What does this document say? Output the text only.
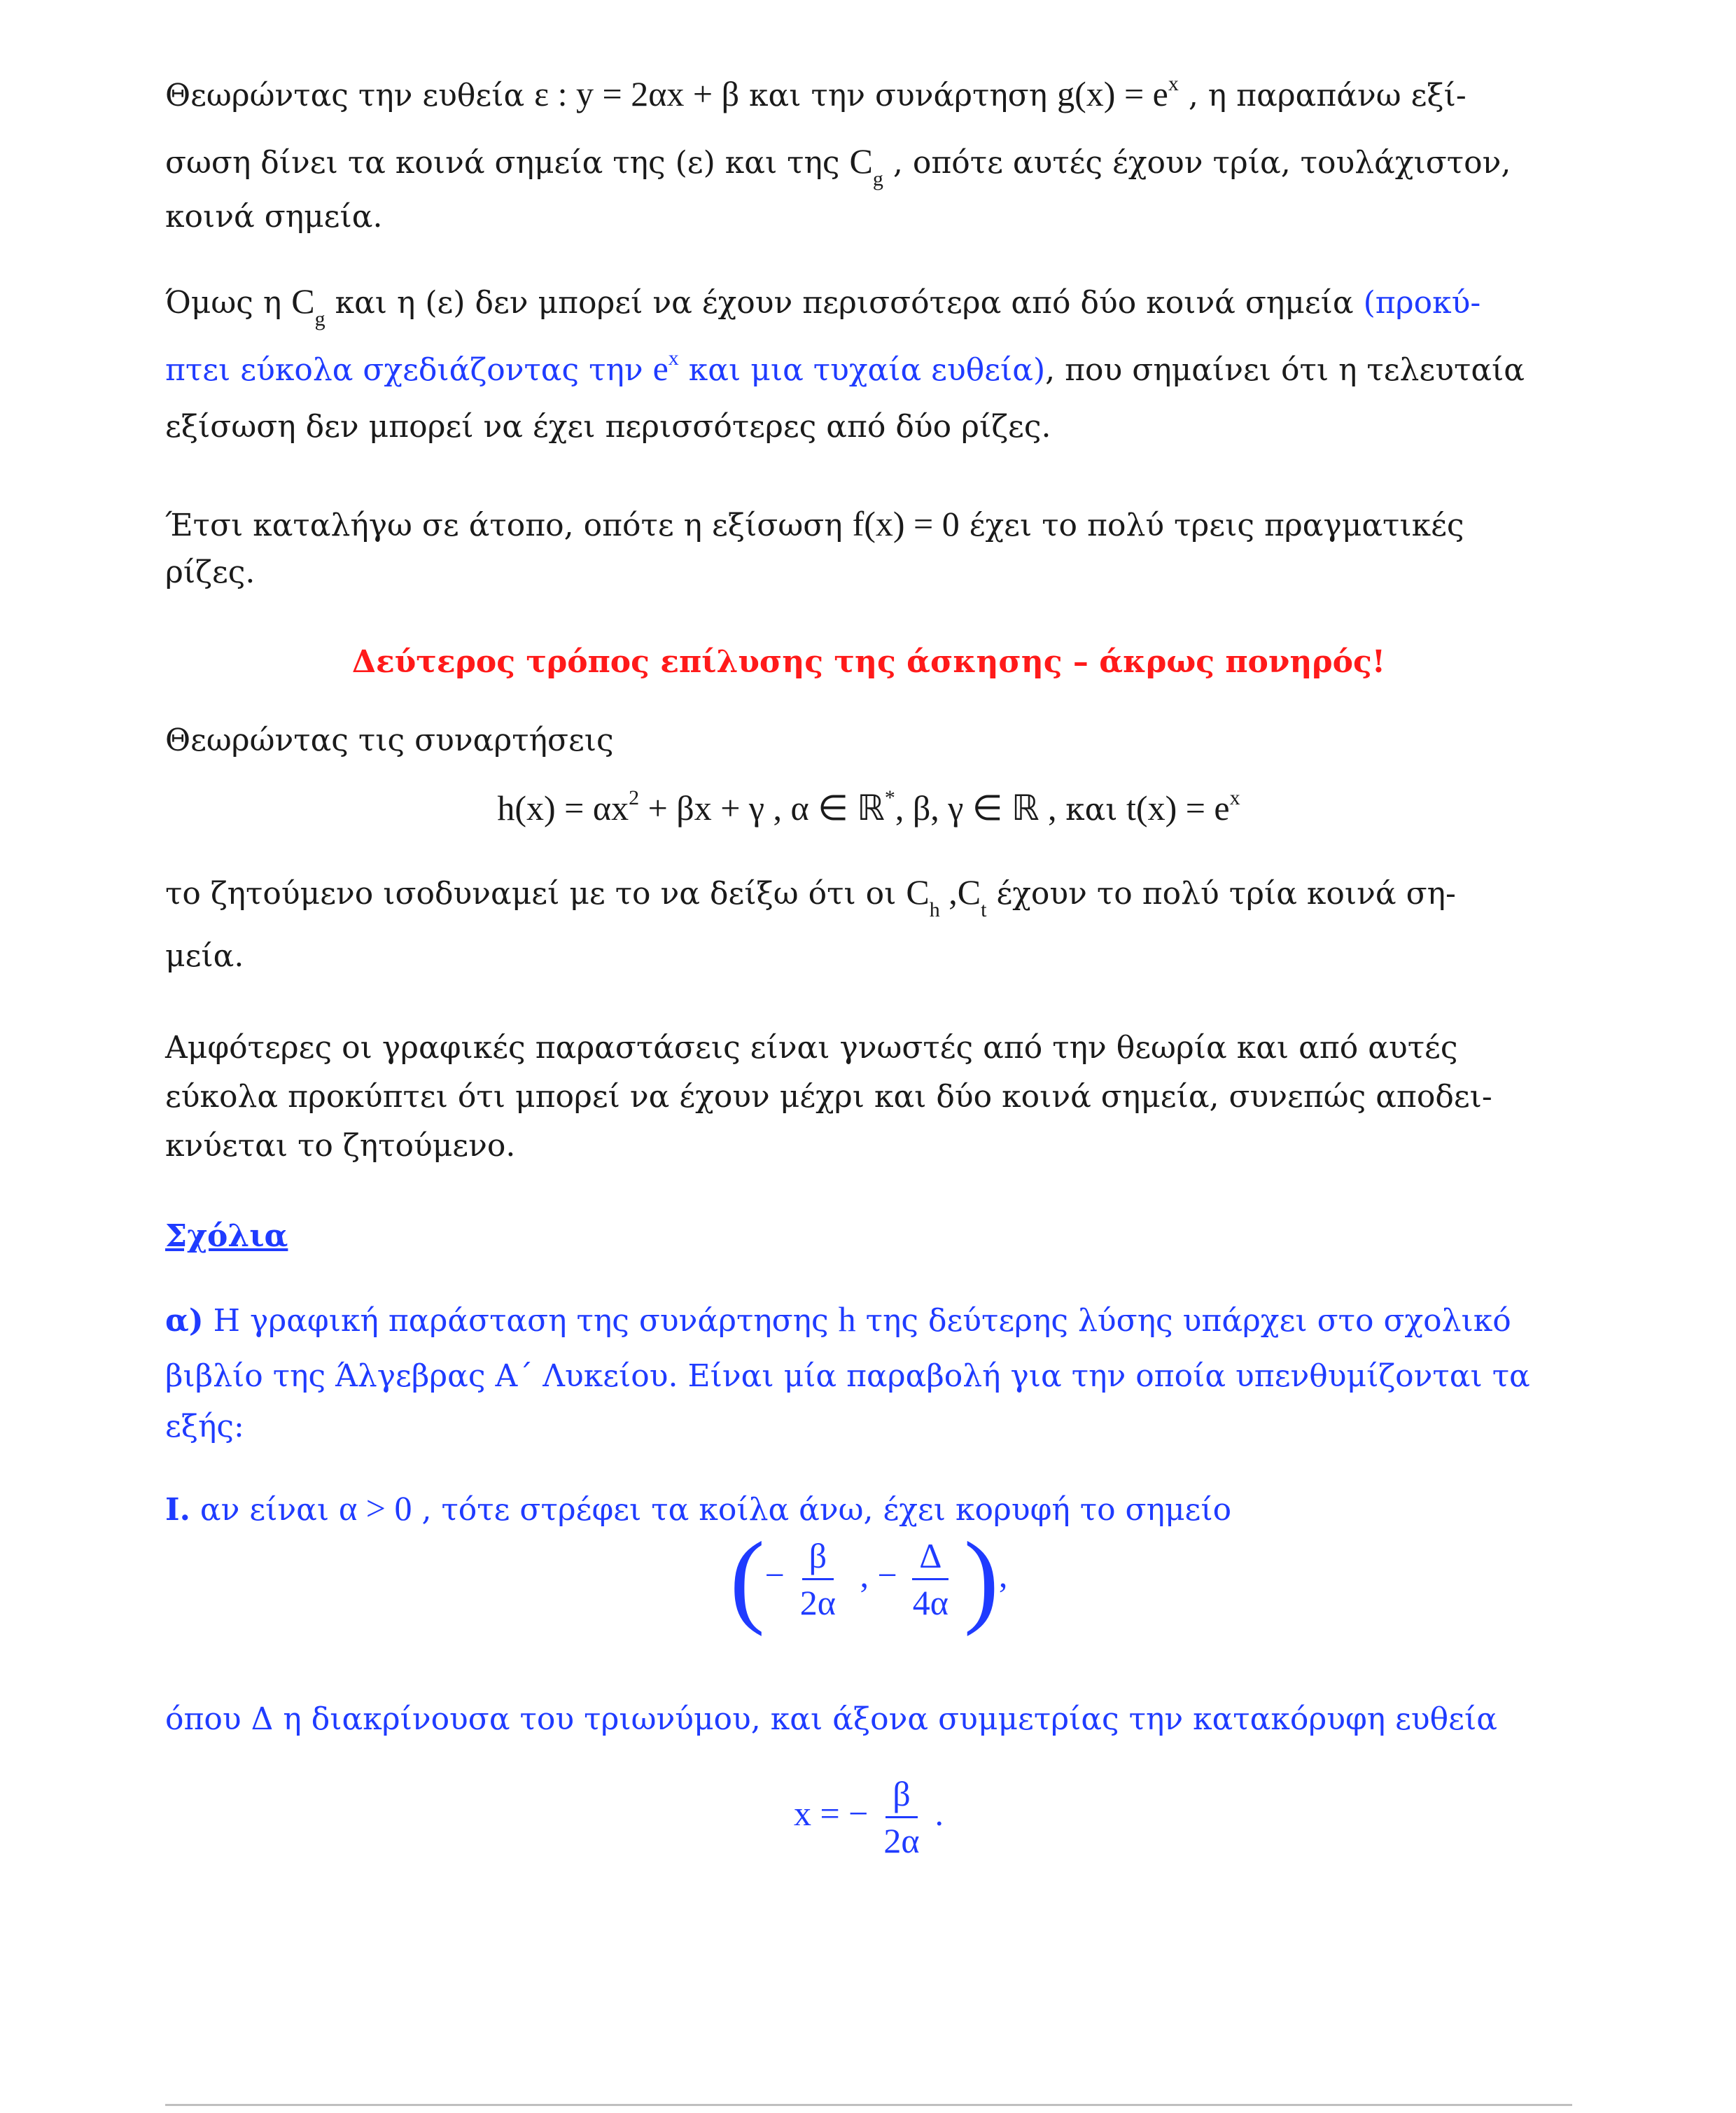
Θεωρώντας την ευθεία ε : y = 2αx + β και την συνάρτηση $g(x) = e^x$ , η παραπάνω εξί-

σωση δίνει τα κοινά σημεία της (ε) και της $C_g$ , οπότε αυτές έχουν τρία, τουλάχιστον,

κοινά σημεία.

Όμως η $C_g$ και η (ε) δεν μπορεί να έχουν περισσότερα από δύο κοινά σημεία (προκύ-

πτει εύκολα σχεδιάζοντας την $e^x$ και μια τυχαία ευθεία), που σημαίνει ότι η τελευταία

εξίσωση δεν μπορεί να έχει περισσότερες από δύο ρίζες.

Έτσι καταλήγω σε άτοπο, οπότε η εξίσωση f(x) = 0 έχει το πολύ τρεις πραγματικές

ρίζες.

Δεύτερος τρόπος επίλυσης της άσκησης – άκρως πονηρός!

Θεωρώντας τις συναρτήσεις

$h(x) = \alpha x^2 + \beta x + \gamma$ , α ∈ ℝ*, β, γ ∈ ℝ , και $t(x) = e^x$

το ζητούμενο ισοδυναμεί με το να δείξω ότι οι $C_h$ $,C_t$ έχουν το πολύ τρία κοινά ση-

μεία.

Αμφότερες οι γραφικές παραστάσεις είναι γνωστές από την θεωρία και από αυτές

εύκολα προκύπτει ότι μπορεί να έχουν μέχρι και δύο κοινά σημεία, συνεπώς αποδει-

κνύεται το ζητούμενο.

Σχόλια

α) Η γραφική παράσταση της συνάρτησης h της δεύτερης λύσης υπάρχει στο σχολικό

βιβλίο της Άλγεβρας Α΄ Λυκείου. Είναι μία παραβολή για την οποία υπενθυμίζονται τα

εξής:

Ι. αν είναι α > 0 , τότε στρέφει τα κοίλα άνω, έχει κορυφή το σημείο

(− $\frac{\beta}{2\alpha}$ , − $\frac{\Delta}{4\alpha}$ ),

όπου Δ η διακρίνουσα του τριωνύμου, και άξονα συμμετρίας την κατακόρυφη ευθεία

x = − $\frac{\beta}{2\alpha}$ .
